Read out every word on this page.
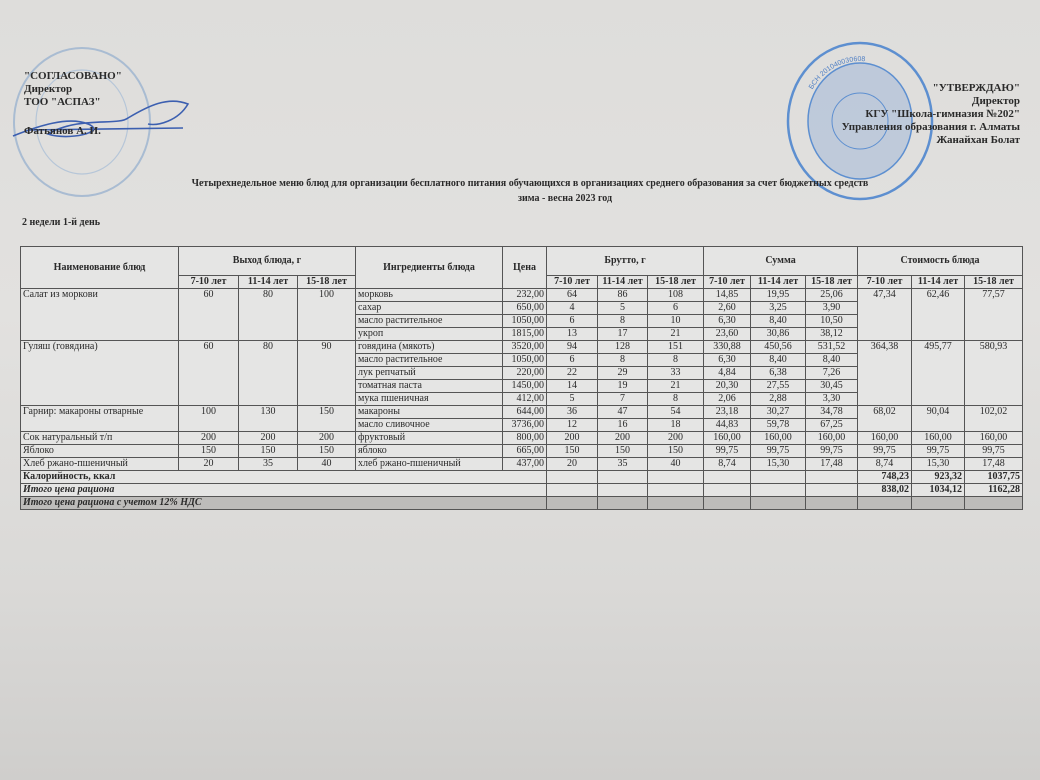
"СОГЛАСОВАНО"
Директор
ТОО "АСПАЗ"
Фатьянов А. И.
БСН 201040030608
"УТВЕРЖДАЮ"
Директор
КГУ "Школа-гимназия №202"
Управления образования г. Алматы
Жанайхан Болат
Четырехнедельное меню блюд для организации бесплатного питания обучающихся в организациях среднего образования за счет бюджетных средств
зима - весна 2023 год
2 недели 1-й день
Наименование блюд	Выход блюда, г			Ингредиенты блюда	Цена	Брутто, г			Сумма			Стоимость блюда		
	7-10 лет	11-14 лет	15-18 лет			7-10 лет	11-14 лет	15-18 лет	7-10 лет	11-14 лет	15-18 лет	7-10 лет	11-14 лет	15-18 лет
Салат из моркови	60	80	100	морковь	232,00	64	86	108	14,85	19,95	25,06	47,34	62,46	77,57
				сахар	650,00	4	5	6	2,60	3,25	3,90			
				масло растительное	1050,00	6	8	10	6,30	8,40	10,50			
				укроп	1815,00	13	17	21	23,60	30,86	38,12			
Гуляш (говядина)	60	80	90	говядина (мякоть)	3520,00	94	128	151	330,88	450,56	531,52	364,38	495,77	580,93
				масло растительное	1050,00	6	8	8	6,30	8,40	8,40			
				лук репчатый	220,00	22	29	33	4,84	6,38	7,26			
				томатная паста	1450,00	14	19	21	20,30	27,55	30,45			
				мука пшеничная	412,00	5	7	8	2,06	2,88	3,30			
Гарнир: макароны отварные	100	130	150	макароны	644,00	36	47	54	23,18	30,27	34,78	68,02	90,04	102,02
				масло сливочное	3736,00	12	16	18	44,83	59,78	67,25			
Сок натуральный т/п	200	200	200	фруктовый	800,00	200	200	200	160,00	160,00	160,00	160,00	160,00	160,00
Яблоко	150	150	150	яблоко	665,00	150	150	150	99,75	99,75	99,75	99,75	99,75	99,75
Хлеб ржано-пшеничный	20	35	40	хлеб ржано-пшеничный	437,00	20	35	40	8,74	15,30	17,48	8,74	15,30	17,48
Калорийность, ккал												748,23	923,32	1037,75
Итого цена рациона												838,02	1034,12	1162,28
Итого цена рациона с учетом 12% НДС														
